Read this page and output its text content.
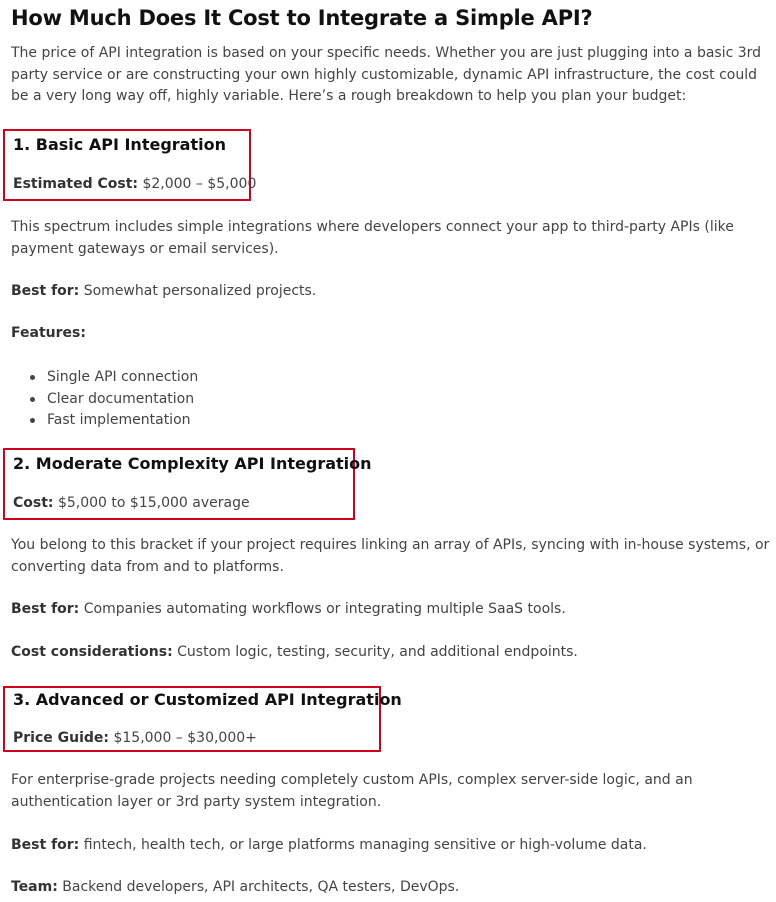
How Much Does It Cost to Integrate a Simple API?

The price of API integration is based on your specific needs. Whether you are just plugging into a basic 3rd party service or are constructing your own highly customizable, dynamic API infrastructure, the cost could be a very long way off, highly variable. Here’s a rough breakdown to help you plan your budget:

1. Basic API Integration

Estimated Cost: $2,000 – $5,000

This spectrum includes simple integrations where developers connect your app to third-party APIs (like payment gateways or email services).

Best for: Somewhat personalized projects.

Features:

Single API connection
Clear documentation
Fast implementation
2. Moderate Complexity API Integration

Cost: $5,000 to $15,000 average

You belong to this bracket if your project requires linking an array of APIs, syncing with in-house systems, or converting data from and to platforms.

Best for: Companies automating workflows or integrating multiple SaaS tools.

Cost considerations: Custom logic, testing, security, and additional endpoints.

3. Advanced or Customized API Integration

Price Guide: $15,000 – $30,000+

For enterprise-grade projects needing completely custom APIs, complex server-side logic, and an authentication layer or 3rd party system integration.

Best for: fintech, health tech, or large platforms managing sensitive or high-volume data.

Team: Backend developers, API architects, QA testers, DevOps.
